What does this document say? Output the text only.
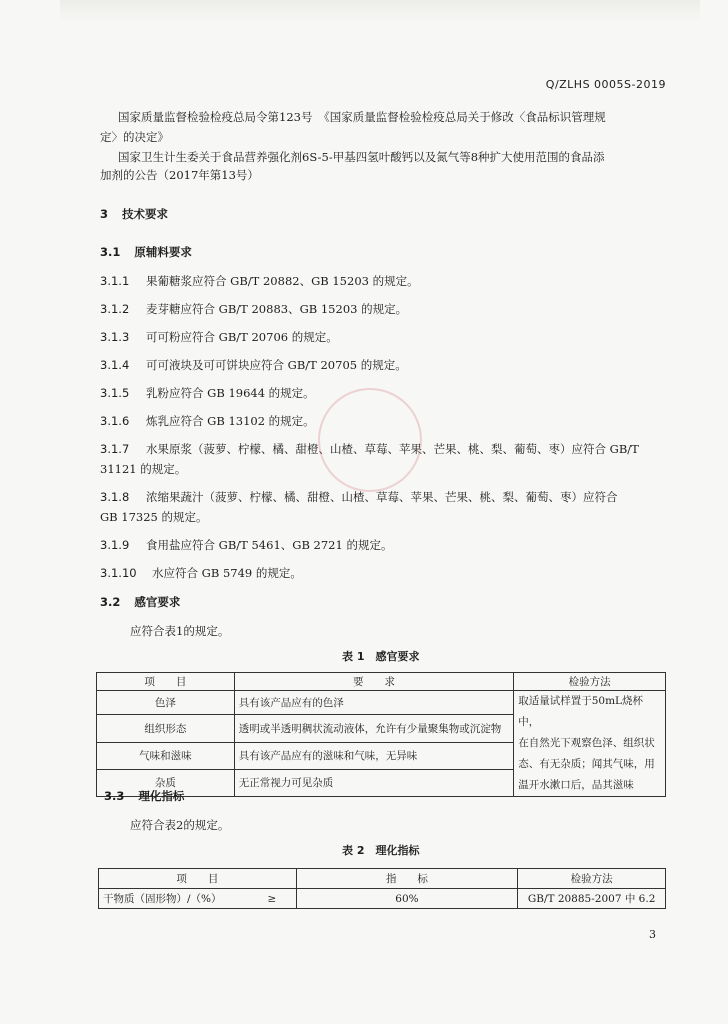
Q/ZLHS 0005S-2019
国家质量监督检验检疫总局令第123号　《国家质量监督检验检疫总局关于修改〈食品标识管理规
定〉的决定》
国家卫生计生委关于食品营养强化剂6S-5-甲基四氢叶酸钙以及氮气等8种扩大使用范围的食品添
加剂的公告（2017年第13号）
3 技术要求
3.1 原辅料要求
3.1.1 果葡糖浆应符合 GB/T 20882、GB 15203 的规定。
3.1.2 麦芽糖应符合 GB/T 20883、GB 15203 的规定。
3.1.3 可可粉应符合 GB/T 20706 的规定。
3.1.4 可可液块及可可饼块应符合 GB/T 20705 的规定。
3.1.5 乳粉应符合 GB 19644 的规定。
3.1.6 炼乳应符合 GB 13102 的规定。
3.1.7 水果原浆（菠萝、柠檬、橘、甜橙、山楂、草莓、苹果、芒果、桃、梨、葡萄、枣）应符合 GB/T
31121 的规定。
3.1.8 浓缩果蔬汁（菠萝、柠檬、橘、甜橙、山楂、草莓、苹果、芒果、桃、梨、葡萄、枣）应符合
GB 17325 的规定。
3.1.9 食用盐应符合 GB/T 5461、GB 2721 的规定。
3.1.10 水应符合 GB 5749 的规定。
3.2 感官要求
应符合表1的规定。
表 1　感官要求
项　　目	要　　求	检验方法
色泽	具有该产品应有的色泽	取适量试样置于50mL烧杯中，
在自然光下观察色泽、组织状
态、有无杂质；闻其气味，用
温开水漱口后，品其滋味

组织形态	透明或半透明稠状流动液体，允许有少量聚集物或沉淀物	
气味和滋味	具有该产品应有的滋味和气味，无异味	
杂质	无正常视力可见杂质	
3.3 理化指标
应符合表2的规定。
表 2　理化指标
项　　目		指　　标	检验方法
干物质（固形物）/（%）	≥	60%	GB/T 20885-2007 中 6.2
3
